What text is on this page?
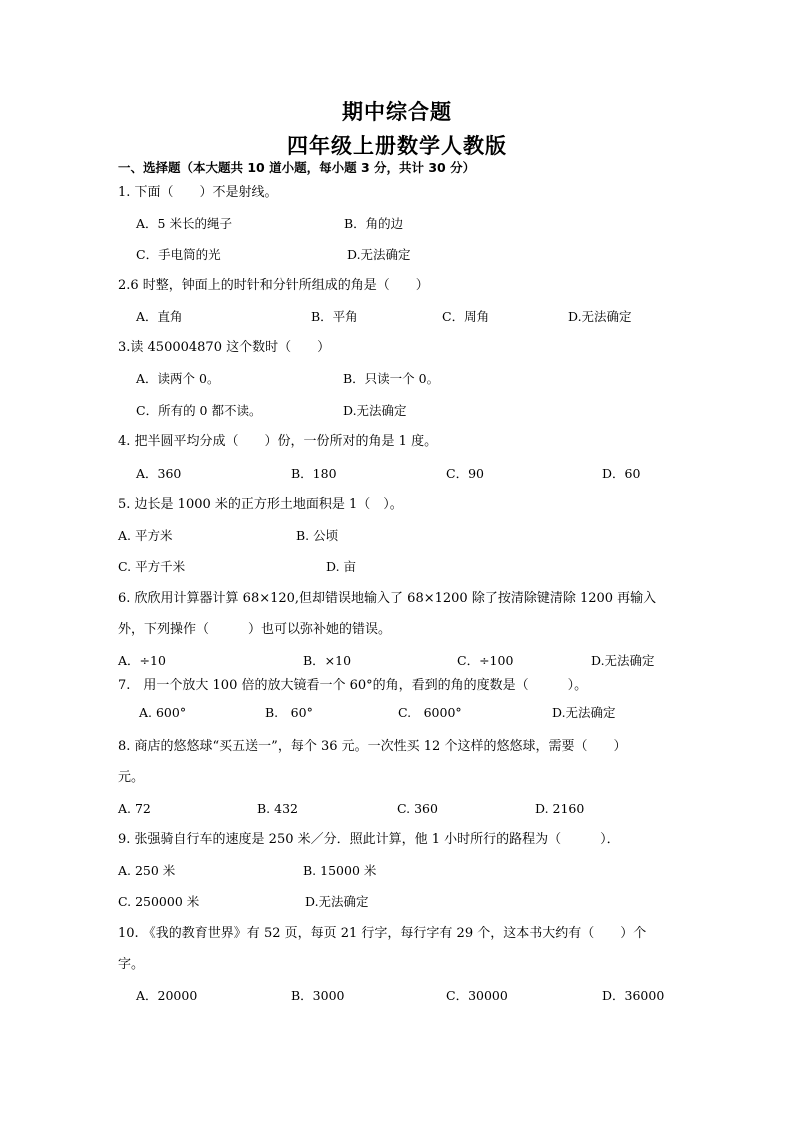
期中综合题
四年级上册数学人教版
一、选择题（本大题共 10 道小题，每小题 3 分，共计 30 分）
1. 下面（　　）不是射线。
A．5 米长的绳子	B．角的边
C．手电筒的光	D.无法确定
2.6 时整，钟面上的时针和分针所组成的角是（　　）
A．直角	B．平角	C．周角	D.无法确定
3.读 450004870 这个数时（　　）
A．读两个 0。	B．只读一个 0。
C．所有的 0 都不读。	D.无法确定
4. 把半圆平均分成（　　）份，一份所对的角是 1 度。
A．360	B．180	C．90	D．60
5. 边长是 1000 米的正方形土地面积是 1（　）。
A. 平方米	B. 公顷
C. 平方千米	D. 亩
6. 欣欣用计算器计算 68×120,但却错误地输入了 68×1200 除了按清除键清除 1200 再输入
外，下列操作（　　　）也可以弥补她的错误。
A．÷10	B．×10	C．÷100	D.无法确定
7.　用一个放大 100 倍的放大镜看一个 60°的角，看到的角的度数是（　　　）。
A. 600°	B.　60°	C.　6000°	D.无法确定
8. 商店的悠悠球“买五送一”，每个 36 元。一次性买 12 个这样的悠悠球，需要（　　）
元。
A. 72	B. 432	C. 360	D. 2160
9. 张强骑自行车的速度是 250 米／分．照此计算，他 1 小时所行的路程为（　　　）．
A. 250 米	B. 15000 米
C. 250000 米	D.无法确定
10. 《我的教育世界》有 52 页，每页 21 行字，每行字有 29 个，这本书大约有（　　）个
字。
A．20000	B．3000	C．30000	D．36000
